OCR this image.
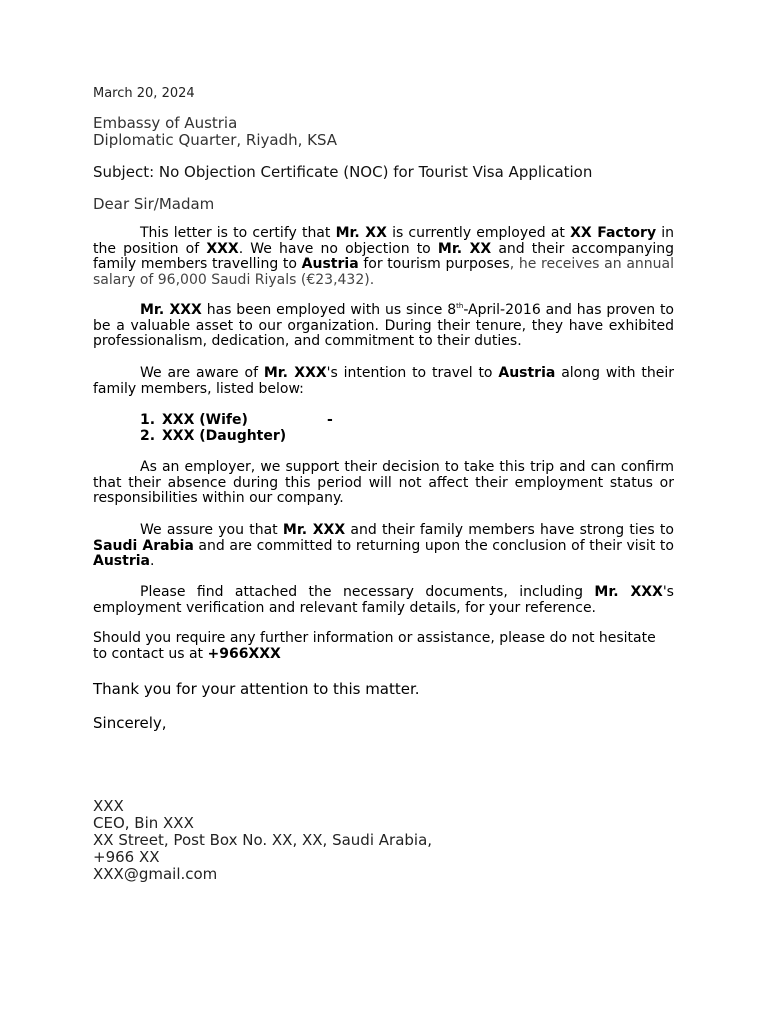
March 20, 2024
Embassy of Austria
Diplomatic Quarter, Riyadh, KSA
Subject: No Objection Certificate (NOC) for Tourist Visa Application
Dear Sir/Madam

This letter is to certify that Mr. XX is currently employed at XX Factory in the position of XXX. We have no objection to Mr. XX and their accompanying family members travelling to Austria for tourism purposes, he receives an annual salary of 96,000 Saudi Riyals (€23,432).

Mr. XXX has been employed with us since 8th-April-2016 and has proven to be a valuable asset to our organization. During their tenure, they have exhibited professionalism, dedication, and commitment to their duties.

We are aware of Mr. XXX's intention to travel to Austria along with their family members, listed below:

1. XXX (Wife)	-
2. XXX (Daughter)

As an employer, we support their decision to take this trip and can confirm that their absence during this period will not affect their employment status or responsibilities within our company.

We assure you that Mr. XXX and their family members have strong ties to Saudi Arabia and are committed to returning upon the conclusion of their visit to Austria.

Please find attached the necessary documents, including Mr. XXX's employment verification and relevant family details, for your reference.

Should you require any further information or assistance, please do not hesitate to contact us at +966XXX

Thank you for your attention to this matter.
Sincerely,
XXX
CEO, Bin XXX
XX Street, Post Box No. XX, XX, Saudi Arabia,
+966 XX
XXX@gmail.com
